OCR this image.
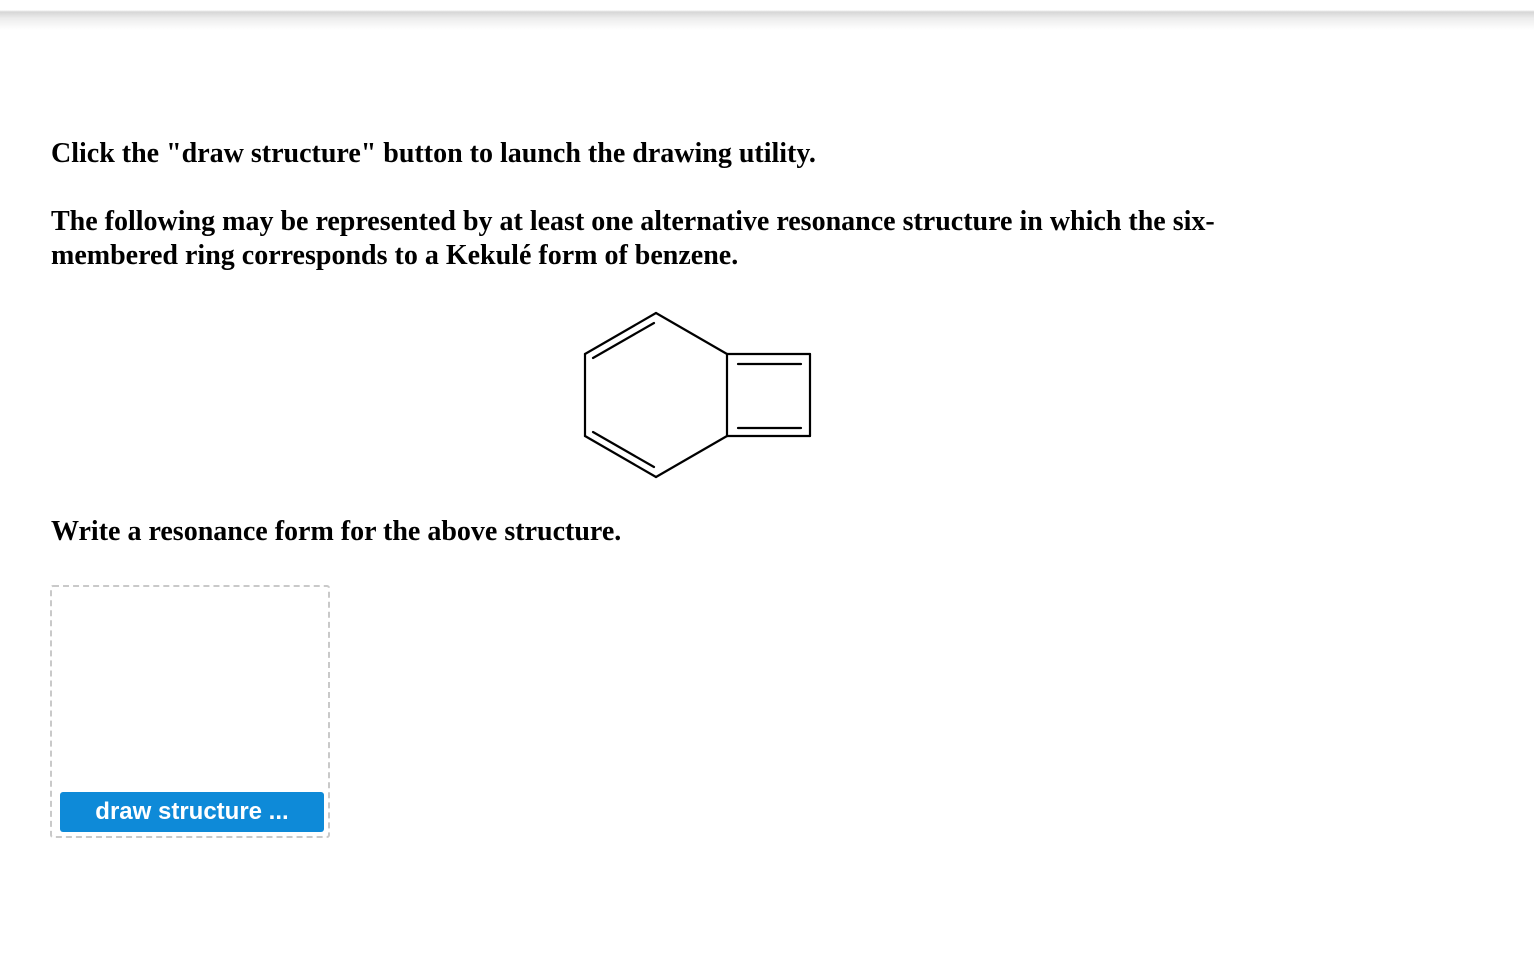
Click the "draw structure" button to launch the drawing utility.

The following may be represented by at least one alternative resonance structure in which the six-membered ring corresponds to a Kekulé form of benzene.

Write a resonance form for the above structure.

draw structure ...
